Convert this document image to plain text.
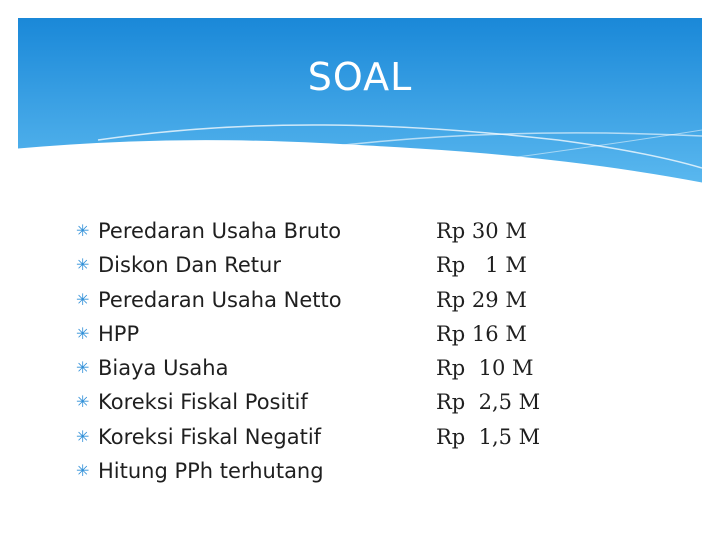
SOAL
✳ Peredaran Usaha Bruto
✳ Diskon Dan Retur
✳ Peredaran Usaha Netto
✳ HPP
✳ Biaya Usaha
✳ Koreksi Fiskal Positif
✳ Koreksi Fiskal Negatif
✳ Hitung PPh terhutang
Rp 30 M
Rp   1 M
Rp 29 M
Rp 16 M
Rp  10 M
Rp  2,5 M
Rp  1,5 M
